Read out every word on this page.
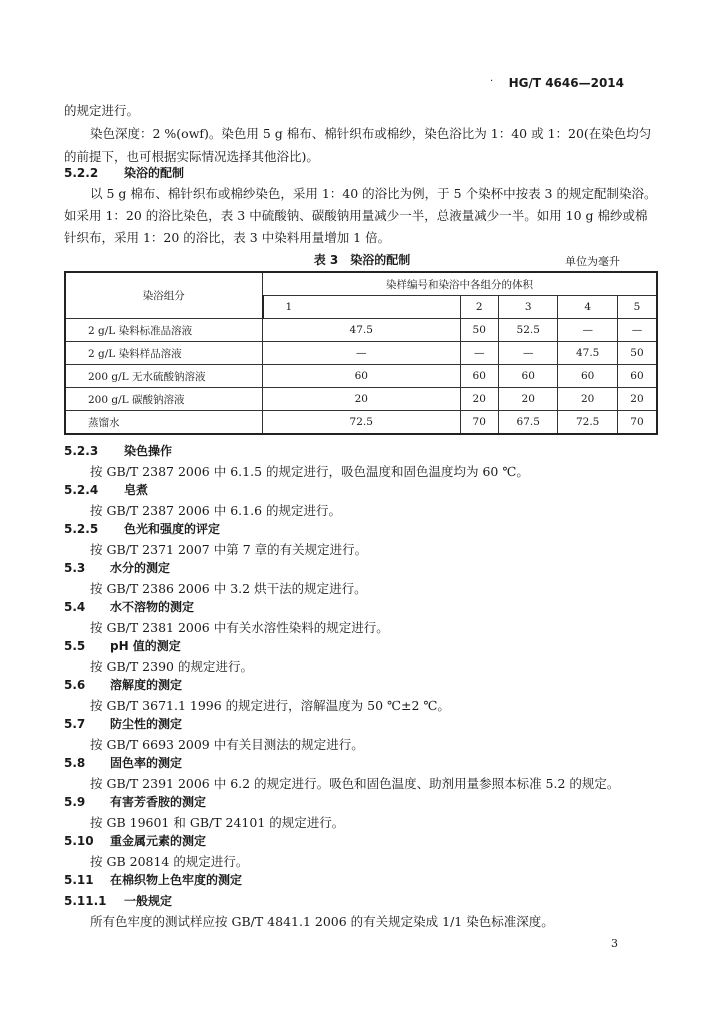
· HG/T 4646—2014
的规定进行。
染色深度：2 %(owf)。染色用 5 g 棉布、棉针织布或棉纱，染色浴比为 1：40 或 1：20(在染色均匀
的前提下，也可根据实际情况选择其他浴比)。
5.2.2 染浴的配制
以 5 g 棉布、棉针织布或棉纱染色，采用 1：40 的浴比为例，于 5 个染杯中按表 3 的规定配制染浴。
如采用 1：20 的浴比染色，表 3 中硫酸钠、碳酸钠用量减少一半，总液量减少一半。如用 10 g 棉纱或棉
针织布，采用 1：20 的浴比，表 3 中染料用量增加 1 倍。
表 3　染浴的配制	单位为毫升
染浴组分	染样编号和染浴中各组分的体积				
	1	2	3	4	5
2 g/L 染料标准品溶液	47.5	50	52.5	—	—
2 g/L 染料样品溶液	—	—	—	47.5	50
200 g/L 无水硫酸钠溶液	60	60	60	60	60
200 g/L 碳酸钠溶液	20	20	20	20	20
蒸馏水	72.5	70	67.5	72.5	70
5.2.3 染色操作
按 GB/T 2387 2006 中 6.1.5 的规定进行，吸色温度和固色温度均为 60 ℃。
5.2.4 皂煮
按 GB/T 2387 2006 中 6.1.6 的规定进行。
5.2.5 色光和强度的评定
按 GB/T 2371 2007 中第 7 章的有关规定进行。
5.3 水分的测定
按 GB/T 2386 2006 中 3.2 烘干法的规定进行。
5.4 水不溶物的测定
按 GB/T 2381 2006 中有关水溶性染料的规定进行。
5.5 pH 值的测定
按 GB/T 2390 的规定进行。
5.6 溶解度的测定
按 GB/T 3671.1 1996 的规定进行，溶解温度为 50 ℃±2 ℃。
5.7 防尘性的测定
按 GB/T 6693 2009 中有关目测法的规定进行。
5.8 固色率的测定
按 GB/T 2391 2006 中 6.2 的规定进行。吸色和固色温度、助剂用量参照本标准 5.2 的规定。
5.9 有害芳香胺的测定
按 GB 19601 和 GB/T 24101 的规定进行。
5.10 重金属元素的测定
按 GB 20814 的规定进行。
5.11 在棉织物上色牢度的测定
5.11.1 一般规定
所有色牢度的测试样应按 GB/T 4841.1 2006 的有关规定染成 1/1 染色标准深度。
3
